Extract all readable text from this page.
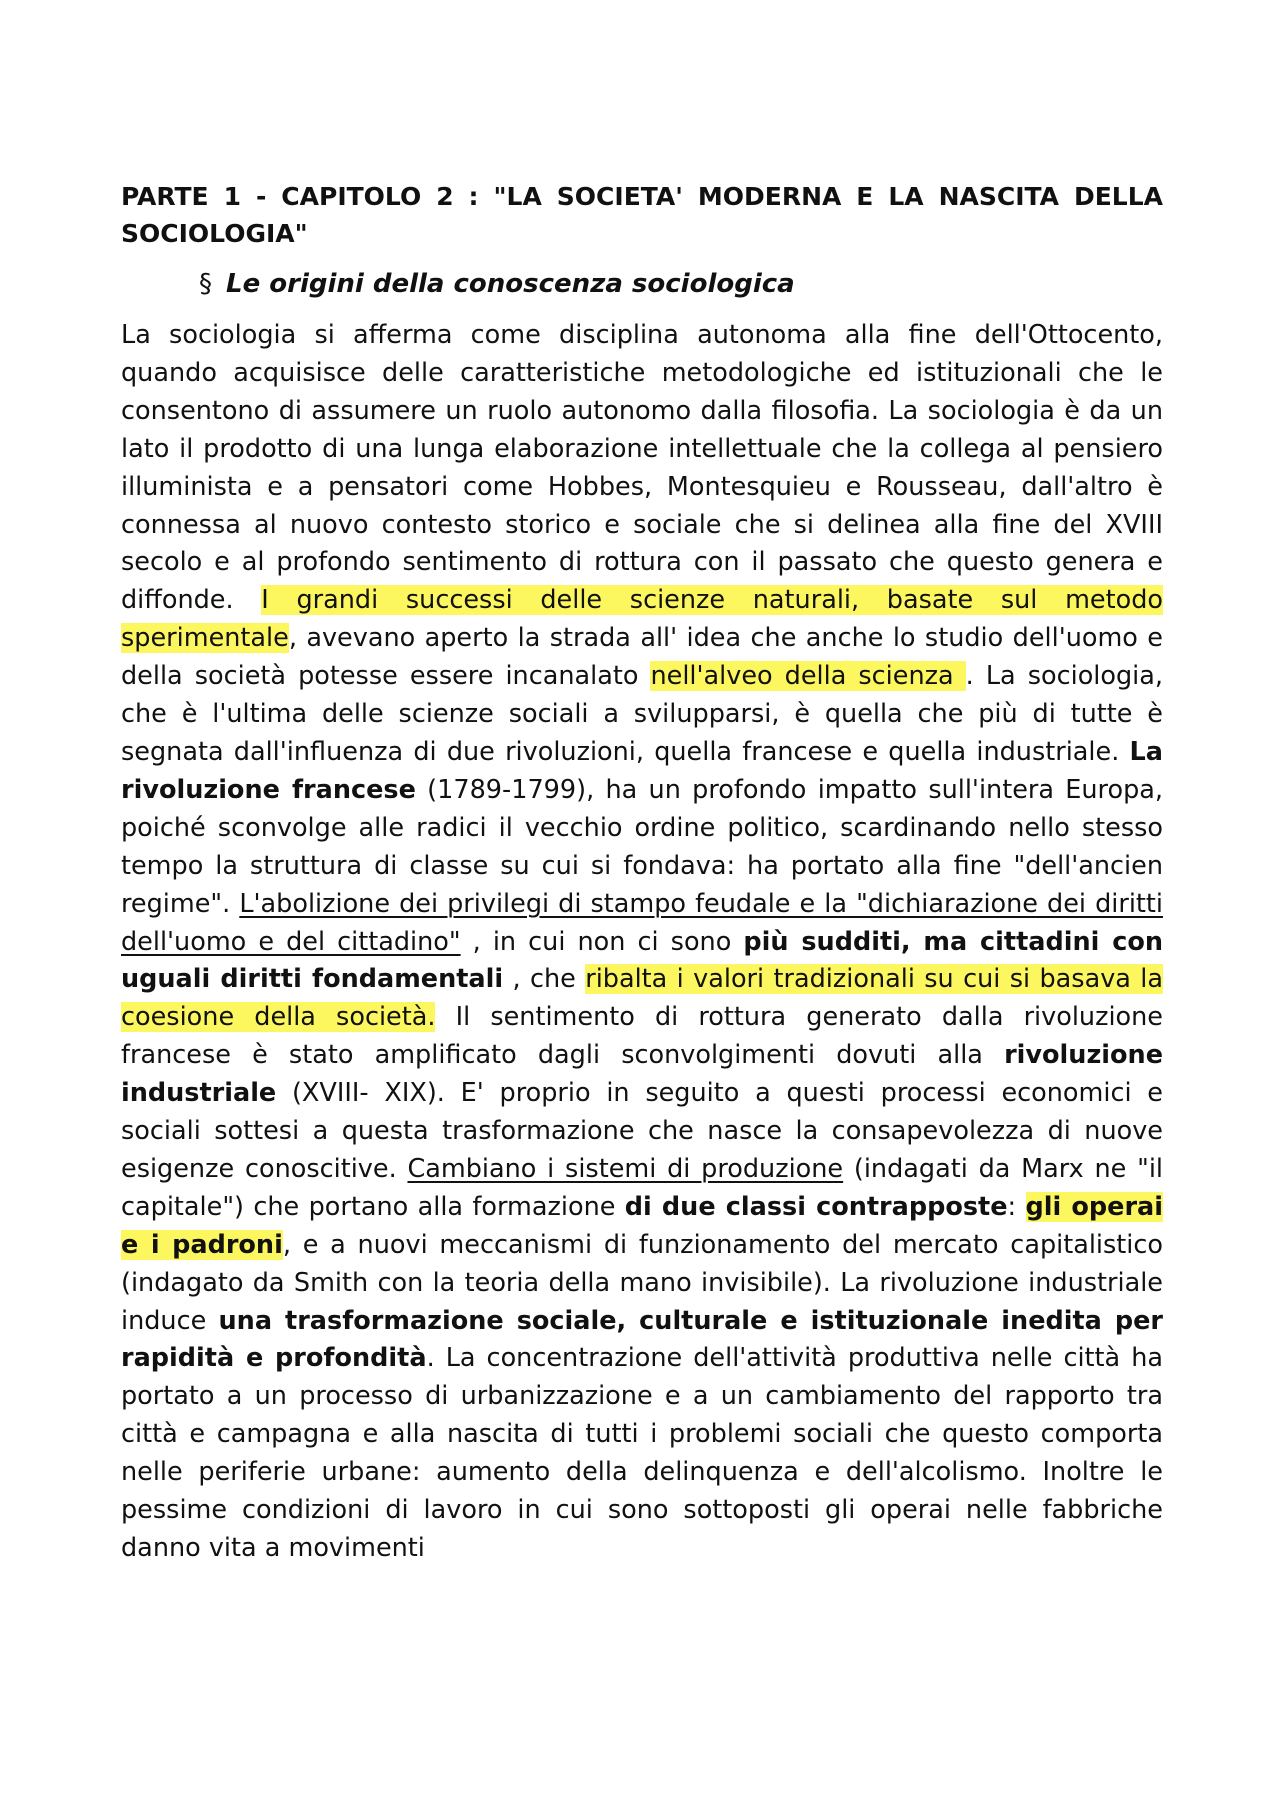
PARTE 1 - CAPITOLO 2 : "LA SOCIETA' MODERNA E LA NASCITA DELLA SOCIOLOGIA"
§ Le origini della conoscenza sociologica

La sociologia si afferma come disciplina autonoma alla fine dell'Ottocento, quando acquisisce delle caratteristiche metodologiche ed istituzionali che le consentono di assumere un ruolo autonomo dalla filosofia. La sociologia è da un lato il prodotto di una lunga elaborazione intellettuale che la collega al pensiero illuminista e a pensatori come Hobbes, Montesquieu e Rousseau, dall'altro è connessa al nuovo contesto storico e sociale che si delinea alla fine del XVIII secolo e al profondo sentimento di rottura con il passato che questo genera e diffonde. I grandi successi delle scienze naturali, basate sul metodo sperimentale, avevano aperto la strada all' idea che anche lo studio dell'uomo e della società potesse essere incanalato nell'alveo della scienza . La sociologia, che è l'ultima delle scienze sociali a svilupparsi, è quella che più di tutte è segnata dall'influenza di due rivoluzioni, quella francese e quella industriale. La rivoluzione francese (1789-1799), ha un profondo impatto sull'intera Europa, poiché sconvolge alle radici il vecchio ordine politico, scardinando nello stesso tempo la struttura di classe su cui si fondava: ha portato alla fine "dell'ancien regime". L'abolizione dei privilegi di stampo feudale e la "dichiarazione dei diritti dell'uomo e del cittadino" , in cui non ci sono più sudditi, ma cittadini con uguali diritti fondamentali , che ribalta i valori tradizionali su cui si basava la coesione della società. Il sentimento di rottura generato dalla rivoluzione francese è stato amplificato dagli sconvolgimenti dovuti alla rivoluzione industriale (XVIII- XIX). E' proprio in seguito a questi processi economici e sociali sottesi a questa trasformazione che nasce la consapevolezza di nuove esigenze conoscitive. Cambiano i sistemi di produzione (indagati da Marx ne "il capitale") che portano alla formazione di due classi contrapposte: gli operai e i padroni, e a nuovi meccanismi di funzionamento del mercato capitalistico (indagato da Smith con la teoria della mano invisibile). La rivoluzione industriale induce una trasformazione sociale, culturale e istituzionale inedita per rapidità e profondità. La concentrazione dell'attività produttiva nelle città ha portato a un processo di urbanizzazione e a un cambiamento del rapporto tra città e campagna e alla nascita di tutti i problemi sociali che questo comporta nelle periferie urbane: aumento della delinquenza e dell'alcolismo. Inoltre le pessime condizioni di lavoro in cui sono sottoposti gli operai nelle fabbriche danno vita a movimenti
